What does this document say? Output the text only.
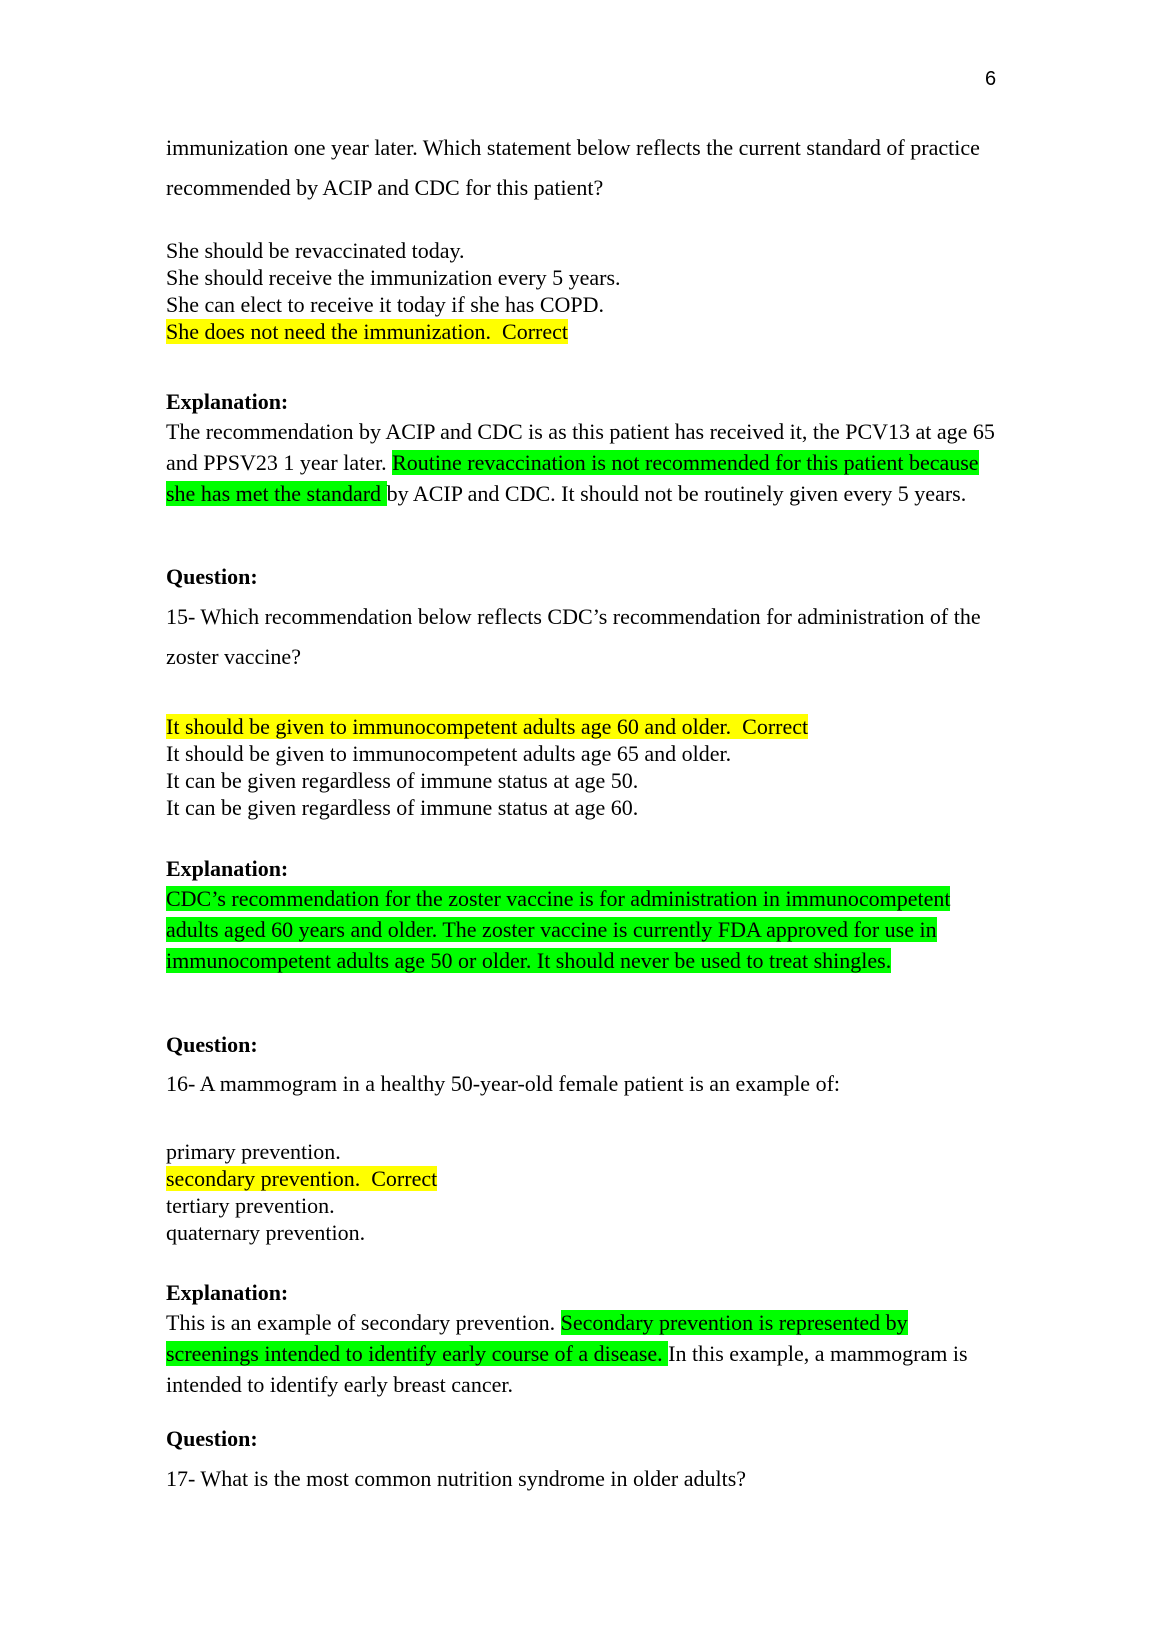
6
immunization one year later. Which statement below reflects the current standard of practice recommended by ACIP and CDC for this patient?
She should be revaccinated today.
She should receive the immunization every 5 years.
She can elect to receive it today if she has COPD.
She does not need the immunization.  Correct
Explanation:
The recommendation by ACIP and CDC is as this patient has received it, the PCV13 at age 65 and PPSV23 1 year later. Routine revaccination is not recommended for this patient because she has met the standard by ACIP and CDC. It should not be routinely given every 5 years.
Question:
15- Which recommendation below reflects CDC’s recommendation for administration of the zoster vaccine?
It should be given to immunocompetent adults age 60 and older.  Correct
It should be given to immunocompetent adults age 65 and older.
It can be given regardless of immune status at age 50.
It can be given regardless of immune status at age 60.
Explanation:
CDC’s recommendation for the zoster vaccine is for administration in immunocompetent adults aged 60 years and older. The zoster vaccine is currently FDA approved for use in immunocompetent adults age 50 or older. It should never be used to treat shingles.
Question:
16- A mammogram in a healthy 50-year-old female patient is an example of:
primary prevention.
secondary prevention.  Correct
tertiary prevention.
quaternary prevention.
Explanation:
This is an example of secondary prevention. Secondary prevention is represented by screenings intended to identify early course of a disease. In this example, a mammogram is intended to identify early breast cancer.
Question:
17- What is the most common nutrition syndrome in older adults?
